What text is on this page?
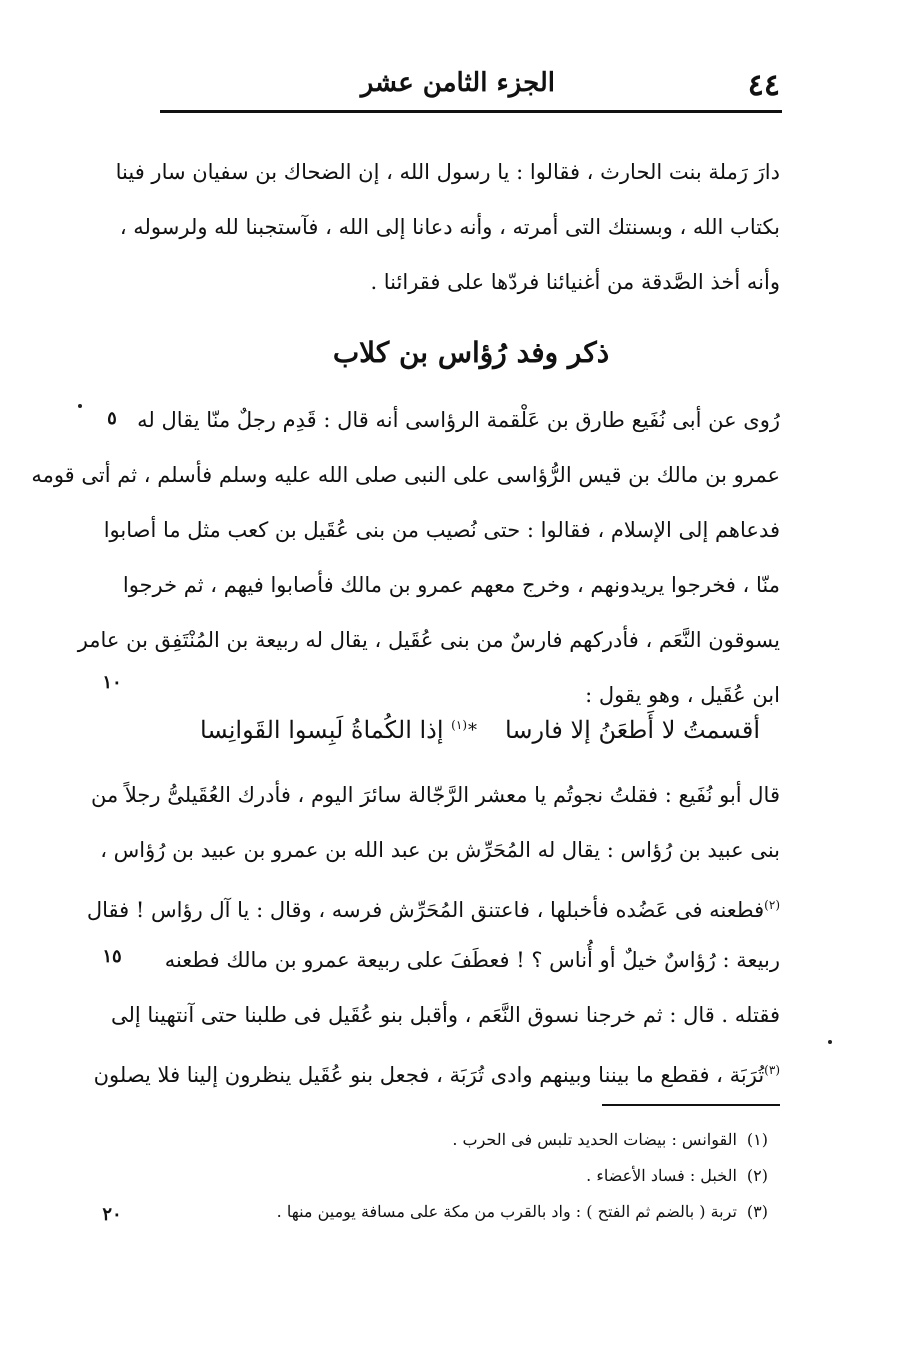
٤٤
الجزء الثامن عشر
دارَ رَملة بنت الحارث ، فقالوا : يا رسول الله ، إن الضحاك بن سفيان سار فينا
بكتاب الله ، وبسنتك التى أمرته ، وأنه دعانا إلى الله ، فآستجبنا لله ولرسوله ،
وأنه أخذ الصَّدقة من أغنيائنا فردّها على فقرائنا .
ذكر وفد رُؤاس بن كلاب
رُوى عن أبى نُفَيع طارق بن عَلْقمة الرؤاسى أنه قال : قَدِم رجلٌ منّا يقال له
عمرو بن مالك بن قيس الرُّؤاسى على النبى صلى الله عليه وسلم فأسلم ، ثم أتى قومه
فدعاهم إلى الإسلام ، فقالوا : حتى نُصيب من بنى عُقَيل بن كعب مثل ما أصابوا
منّا ، فخرجوا يريدونهم ، وخرج معهم عمرو بن مالك فأصابوا فيهم ، ثم خرجوا
يسوقون النَّعَم ، فأدركهم فارسٌ من بنى عُقَيل ، يقال له ربيعة بن المُنْتَفِق بن عامر
ابن عُقَيل ، وهو يقول :
أقسمتُ لا أَطعَنُ إلا فارسا
*
$^{(١)}$ إذا الكُماةُ لَبِسوا القَوانِسا
قال أبو نُفَيع : فقلتُ نجوتُم يا معشر الرَّجّالة سائرَ اليوم ، فأدرك العُقَيلىُّ رجلاً من
بنى عبيد بن رُؤاس : يقال له المُحَرِّش بن عبد الله بن عمرو بن عبيد بن رُؤاس ،
$^{(٢)}$فطعنه فى عَضُده فأخبلها ، فاعتنق المُحَرِّش فرسه ، وقال : يا آل رؤاس ! فقال
ربيعة : رُؤاسٌ خيلٌ أو أُناس ؟ ! فعطَفَ على ربيعة عمرو بن مالك فطعنه
فقتله . قال : ثم خرجنا نسوق النَّعَم ، وأقبل بنو عُقَيل فى طلبنا حتى آنتهينا إلى
$^{(٣)}$تُرَبَة ، فقطع ما بيننا وبينهم وادى تُرَبَة ، فجعل بنو عُقَيل ينظرون إلينا فلا يصلون
٥
١٠
١٥
٢٠
(١)القوانس : بيضات الحديد تلبس فى الحرب .
(٢)الخبل : فساد الأعضاء .
(٣)تربة ( بالضم ثم الفتح ) : واد بالقرب من مكة على مسافة يومين منها .
